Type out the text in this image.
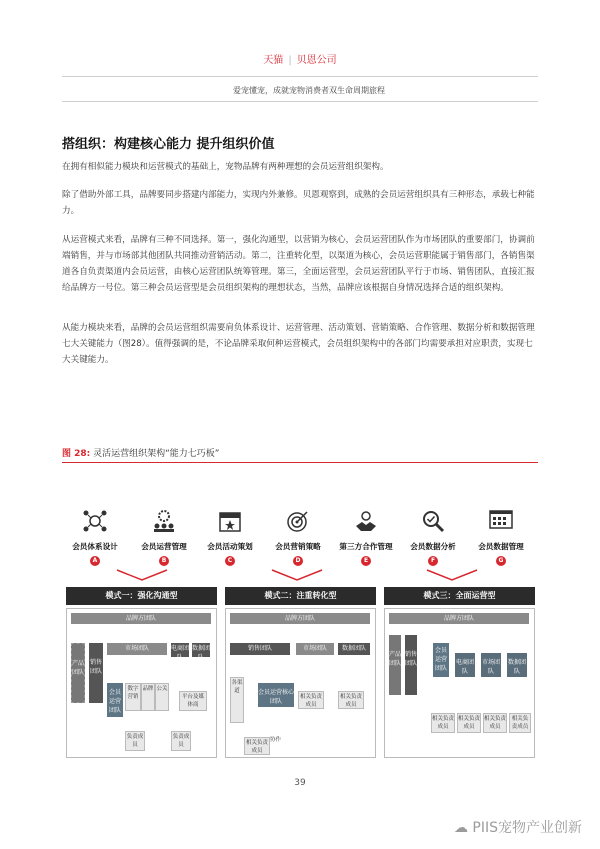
天猫 | 贝恩公司
爱宠懂宠，成就宠物消费者双生命周期旅程
搭组织：构建核心能力 提升组织价值

在拥有相似能力模块和运营模式的基础上，宠物品牌有两种理想的会员运营组织架构。

除了借助外部工具，品牌要同步搭建内部能力，实现内外兼修。贝恩观察到，成熟的会员运营组织具有三种形态，承载七种能力。

从运营模式来看，品牌有三种不同选择。第一，强化沟通型，以营销为核心，会员运营团队作为市场团队的重要部门，协调前端销售，并与市场部其他团队共同推动营销活动。第二，注重转化型，以渠道为核心，会员运营职能属于销售部门，各销售渠道各自负责渠道内会员运营，由核心运营团队统筹管理。第三，全面运营型，会员运营团队平行于市场、销售团队，直接汇报给品牌方一号位。第三种会员运营型是会员组织架构的理想状态，当然，品牌应该根据自身情况选择合适的组织架构。

从能力模块来看，品牌的会员运营组织需要肩负体系设计、运营管理、活动策划、营销策略、合作管理、数据分析和数据管理七大关键能力（图28）。值得强调的是，不论品牌采取何种运营模式，会员组织架构中的各部门均需要承担对应职责，实现七大关键能力。

图 28: 灵活运营组织架构“能力七巧板”
会员体系设计	会员运营管理	会员活动策划	会员营销策略	第三方合作管理	会员数据分析	会员数据管理
A	B	C	D	E	F	G
模式一：强化沟通型	模式二：注重转化型	模式三：全面运营型
品牌方团队
产品团队
销售团队
市场团队	电商团队
数据团队
会员运营团队
数字营销
品牌 公关
平台及媒体商
负责成员
负责成员
品牌方团队
销售团队	市场团队	数据团队
各渠道	会员运营核心团队
相关负责成员
相关负责成员
相关负责成员
协作
品牌方团队
产品团队
销售团队
会员运营团队
电商团队
市场团队
数据团队
相关负责成员
相关负责成员
相关负责成员
相关负责成员
39
☁ PIIS宠物产业创新
